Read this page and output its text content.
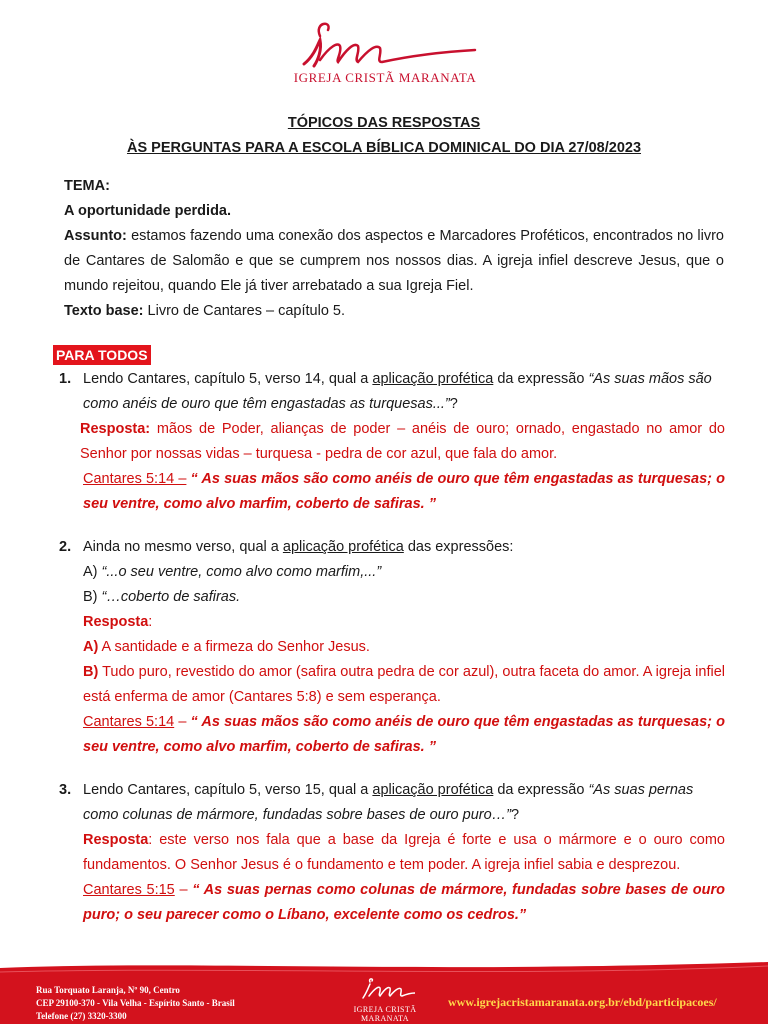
IGREJA CRISTÃ MARANATA
TÓPICOS DAS RESPOSTAS
ÀS PERGUNTAS PARA A ESCOLA BÍBLICA DOMINICAL DO DIA 27/08/2023
TEMA:
A oportunidade perdida.
Assunto: estamos fazendo uma conexão dos aspectos e Marcadores Proféticos, encontrados no livro de Cantares de Salomão e que se cumprem nos nossos dias. A igreja infiel descreve Jesus, que o mundo rejeitou, quando Ele já tiver arrebatado a sua Igreja Fiel.
Texto base: Livro de Cantares – capítulo 5.
PARA TODOS
1. Lendo Cantares, capítulo 5, verso 14, qual a aplicação profética da expressão “As suas mãos são como anéis de ouro que têm engastadas as turquesas...”?
Resposta: mãos de Poder, alianças de poder – anéis de ouro; ornado, engastado no amor do Senhor por nossas vidas – turquesa - pedra de cor azul, que fala do amor.
Cantares 5:14 – “ As suas mãos são como anéis de ouro que têm engastadas as turquesas; o seu ventre, como alvo marfim, coberto de safiras. ”
2. Ainda no mesmo verso, qual a aplicação profética das expressões:
A) “...o seu ventre, como alvo como marfim,...”
B) “…coberto de safiras.
Resposta:
A) A santidade e a firmeza do Senhor Jesus.
B) Tudo puro, revestido do amor (safira outra pedra de cor azul), outra faceta do amor. A igreja infiel está enferma de amor (Cantares 5:8) e sem esperança.
Cantares 5:14 – “ As suas mãos são como anéis de ouro que têm engastadas as turquesas; o seu ventre, como alvo marfim, coberto de safiras. ”
3. Lendo Cantares, capítulo 5, verso 15, qual a aplicação profética da expressão “As suas pernas como colunas de mármore, fundadas sobre bases de ouro puro…”?
Resposta: este verso nos fala que a base da Igreja é forte e usa o mármore e o ouro como fundamentos. O Senhor Jesus é o fundamento e tem poder. A igreja infiel sabia e desprezou.
Cantares 5:15 – “ As suas pernas como colunas de mármore, fundadas sobre bases de ouro puro; o seu parecer como o Líbano, excelente como os cedros.”
Rua Torquato Laranja, Nº 90, Centro
CEP 29100-370 - Vila Velha - Espírito Santo - Brasil
Telefone (27) 3320-3300
IGREJA CRISTÃ MARANATA
www.igrejacristamaranata.org.br/ebd/participacoes/
